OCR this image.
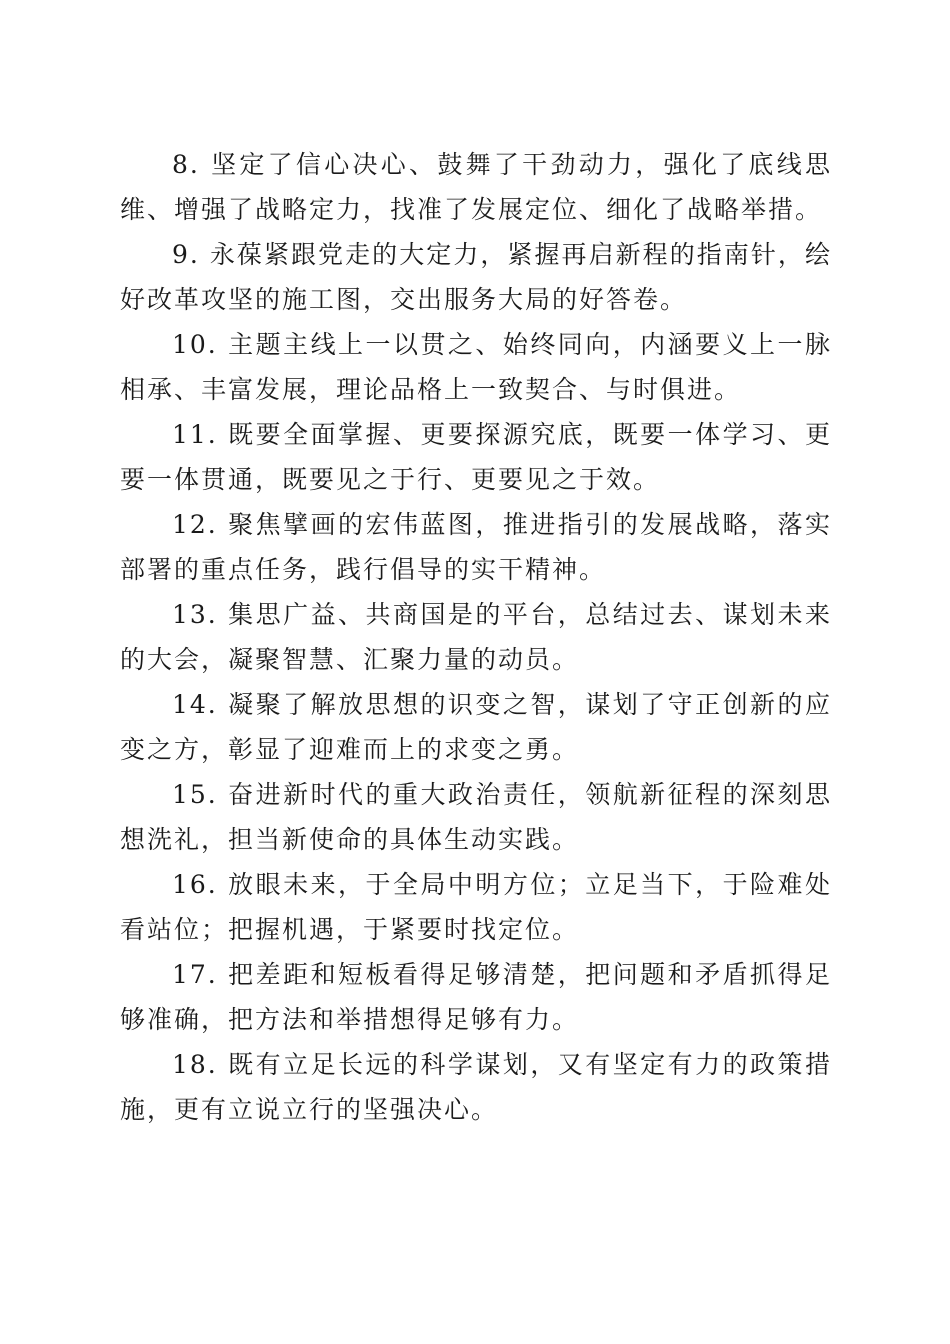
8. 坚定了信心决心、鼓舞了干劲动力，强化了底线思维、增强了战略定力，找准了发展定位、细化了战略举措。

9. 永葆紧跟党走的大定力，紧握再启新程的指南针，绘好改革攻坚的施工图，交出服务大局的好答卷。

10. 主题主线上一以贯之、始终同向，内涵要义上一脉相承、丰富发展，理论品格上一致契合、与时俱进。

11. 既要全面掌握、更要探源究底，既要一体学习、更要一体贯通，既要见之于行、更要见之于效。

12. 聚焦擘画的宏伟蓝图，推进指引的发展战略，落实部署的重点任务，践行倡导的实干精神。

13. 集思广益、共商国是的平台，总结过去、谋划未来的大会，凝聚智慧、汇聚力量的动员。

14. 凝聚了解放思想的识变之智，谋划了守正创新的应变之方，彰显了迎难而上的求变之勇。

15. 奋进新时代的重大政治责任，领航新征程的深刻思想洗礼，担当新使命的具体生动实践。

16. 放眼未来，于全局中明方位；立足当下，于险难处看站位；把握机遇，于紧要时找定位。

17. 把差距和短板看得足够清楚，把问题和矛盾抓得足够准确，把方法和举措想得足够有力。

18. 既有立足长远的科学谋划，又有坚定有力的政策措施，更有立说立行的坚强决心。
